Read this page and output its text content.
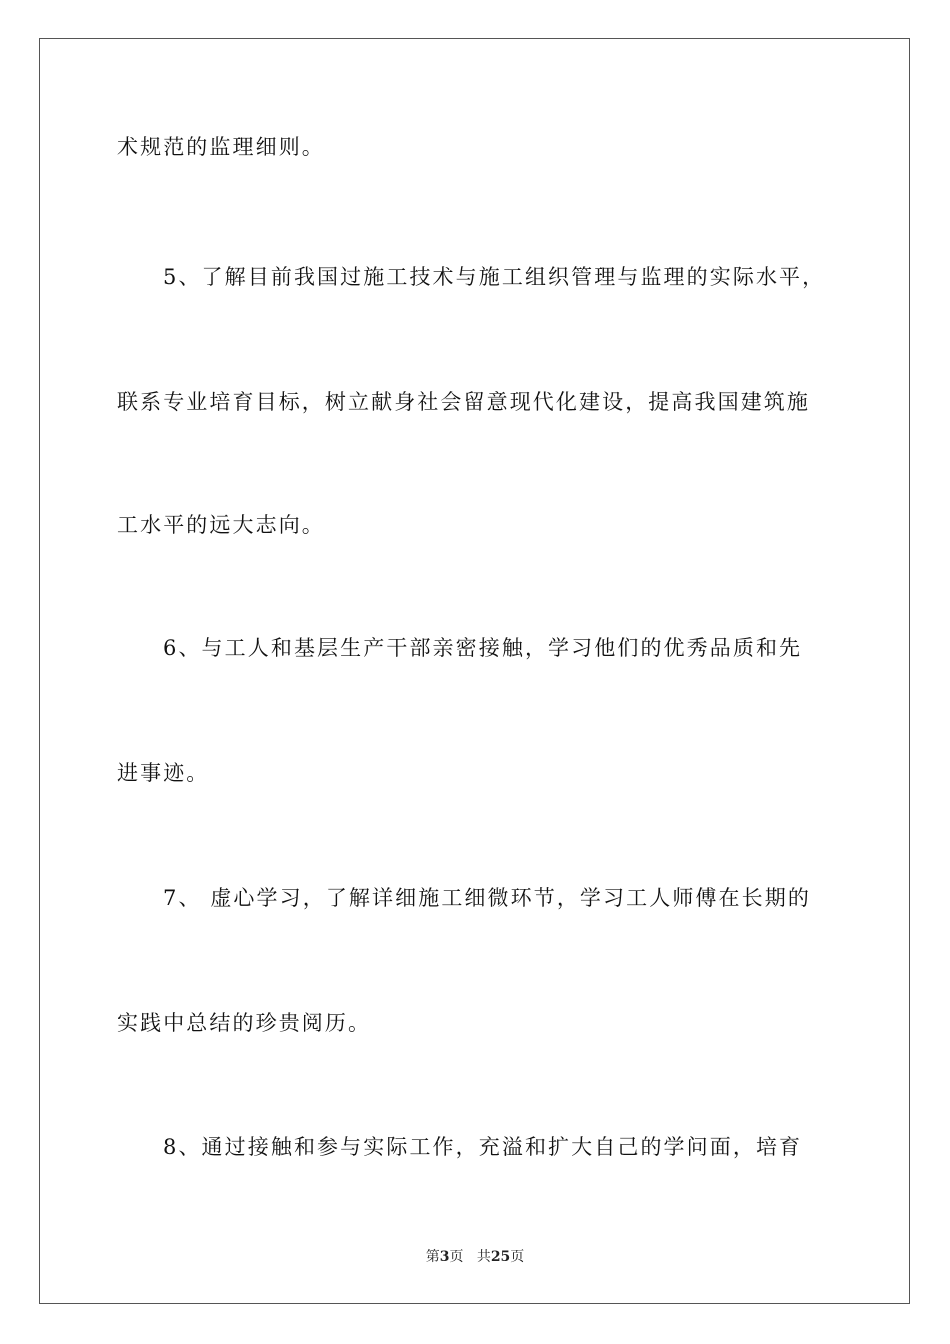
术规范的监理细则。
5、了解目前我国过施工技术与施工组织管理与监理的实际水平，
联系专业培育目标，树立献身社会留意现代化建设，提高我国建筑施
工水平的远大志向。
6、与工人和基层生产干部亲密接触，学习他们的优秀品质和先
进事迹。
7、 虚心学习，了解详细施工细微环节，学习工人师傅在长期的
实践中总结的珍贵阅历。
8、通过接触和参与实际工作，充溢和扩大自己的学问面，培育
第3页 共25页
